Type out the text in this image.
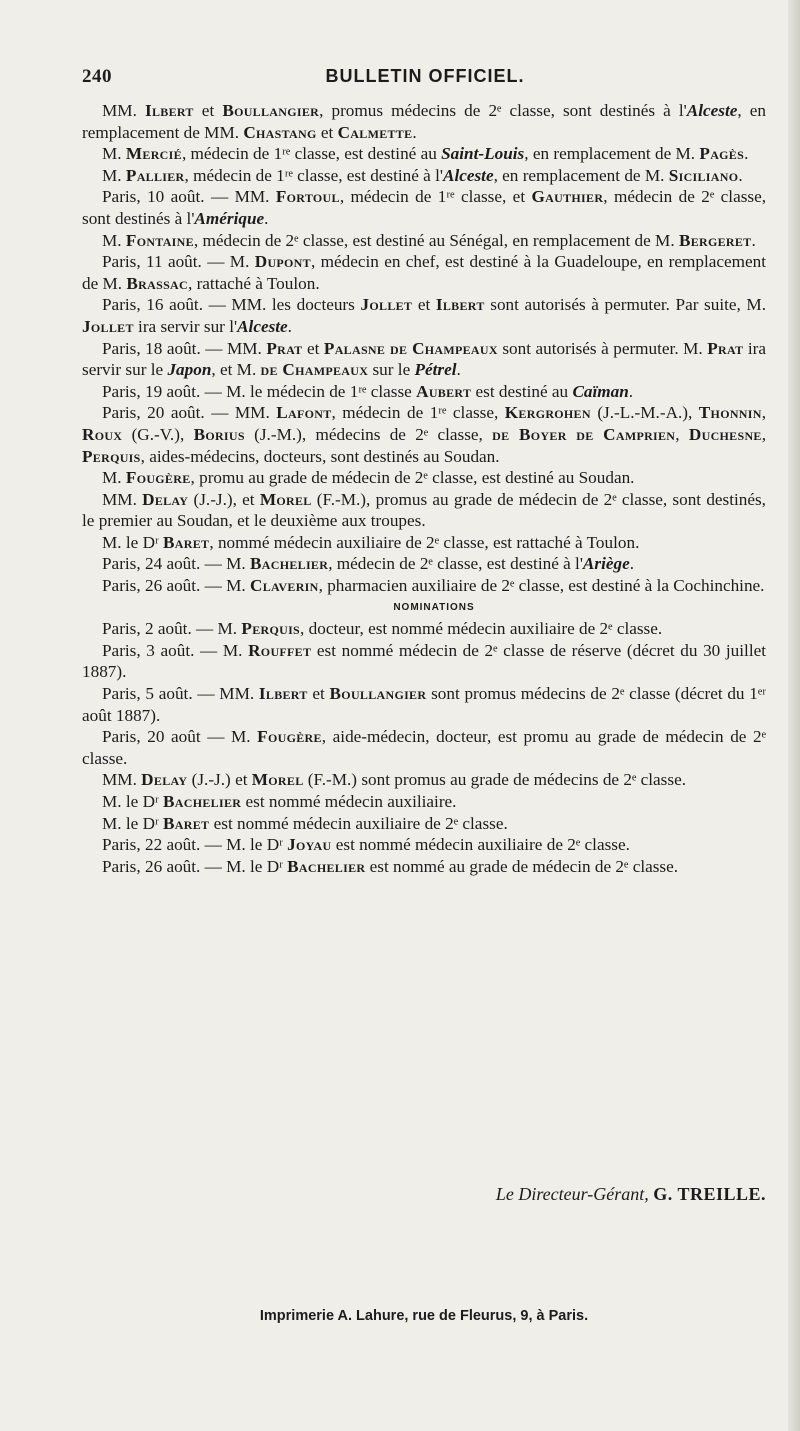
240	BULLETIN OFFICIEL.

MM. Ilbert et Boullangier, promus médecins de 2ᵉ classe, sont destinés à l'Alceste, en remplacement de MM. Chastang et Calmette.

M. Mercié, médecin de 1ʳᵉ classe, est destiné au Saint-Louis, en remplacement de M. Pagès.

M. Pallier, médecin de 1ʳᵉ classe, est destiné à l'Alceste, en remplacement de M. Siciliano.

Paris, 10 août. — MM. Fortoul, médecin de 1ʳᵉ classe, et Gauthier, médecin de 2ᵉ classe, sont destinés à l'Amérique.

M. Fontaine, médecin de 2ᵉ classe, est destiné au Sénégal, en remplacement de M. Bergeret.

Paris, 11 août. — M. Dupont, médecin en chef, est destiné à la Guadeloupe, en remplacement de M. Brassac, rattaché à Toulon.

Paris, 16 août. — MM. les docteurs Jollet et Ilbert sont autorisés à permuter. Par suite, M. Jollet ira servir sur l'Alceste.

Paris, 18 août. — MM. Prat et Palasne de Champeaux sont autorisés à permuter. M. Prat ira servir sur le Japon, et M. de Champeaux sur le Pétrel.

Paris, 19 août. — M. le médecin de 1ʳᵉ classe Aubert est destiné au Caïman.

Paris, 20 août. — MM. Lafont, médecin de 1ʳᵉ classe, Kergrohen (J.-L.-M.-A.), Thonnin, Roux (G.-V.), Borius (J.-M.), médecins de 2ᵉ classe, de Boyer de Camprien, Duchesne, Perquis, aides-médecins, docteurs, sont destinés au Soudan.

M. Fougère, promu au grade de médecin de 2ᵉ classe, est destiné au Soudan.

MM. Delay (J.-J.), et Morel (F.-M.), promus au grade de médecin de 2ᵉ classe, sont destinés, le premier au Soudan, et le deuxième aux troupes.

M. le Dʳ Baret, nommé médecin auxiliaire de 2ᵉ classe, est rattaché à Toulon.

Paris, 24 août. — M. Bachelier, médecin de 2ᵉ classe, est destiné à l'Ariège.

Paris, 26 août. — M. Claverin, pharmacien auxiliaire de 2ᵉ classe, est destiné à la Cochinchine.

NOMINATIONS

Paris, 2 août. — M. Perquis, docteur, est nommé médecin auxiliaire de 2ᵉ classe.

Paris, 3 août. — M. Rouffet est nommé médecin de 2ᵉ classe de réserve (décret du 30 juillet 1887).

Paris, 5 août. — MM. Ilbert et Boullangier sont promus médecins de 2ᵉ classe (décret du 1ᵉʳ août 1887).

Paris, 20 août — M. Fougère, aide-médecin, docteur, est promu au grade de médecin de 2ᵉ classe.

MM. Delay (J.-J.) et Morel (F.-M.) sont promus au grade de médecins de 2ᵉ classe.

M. le Dʳ Bachelier est nommé médecin auxiliaire.

M. le Dʳ Baret est nommé médecin auxiliaire de 2ᵉ classe.

Paris, 22 août. — M. le Dʳ Joyau est nommé médecin auxiliaire de 2ᵉ classe.

Paris, 26 août. — M. le Dʳ Bachelier est nommé au grade de médecin de 2ᵉ classe.

Le Directeur-Gérant, G. TREILLE.
Imprimerie A. Lahure, rue de Fleurus, 9, à Paris.
